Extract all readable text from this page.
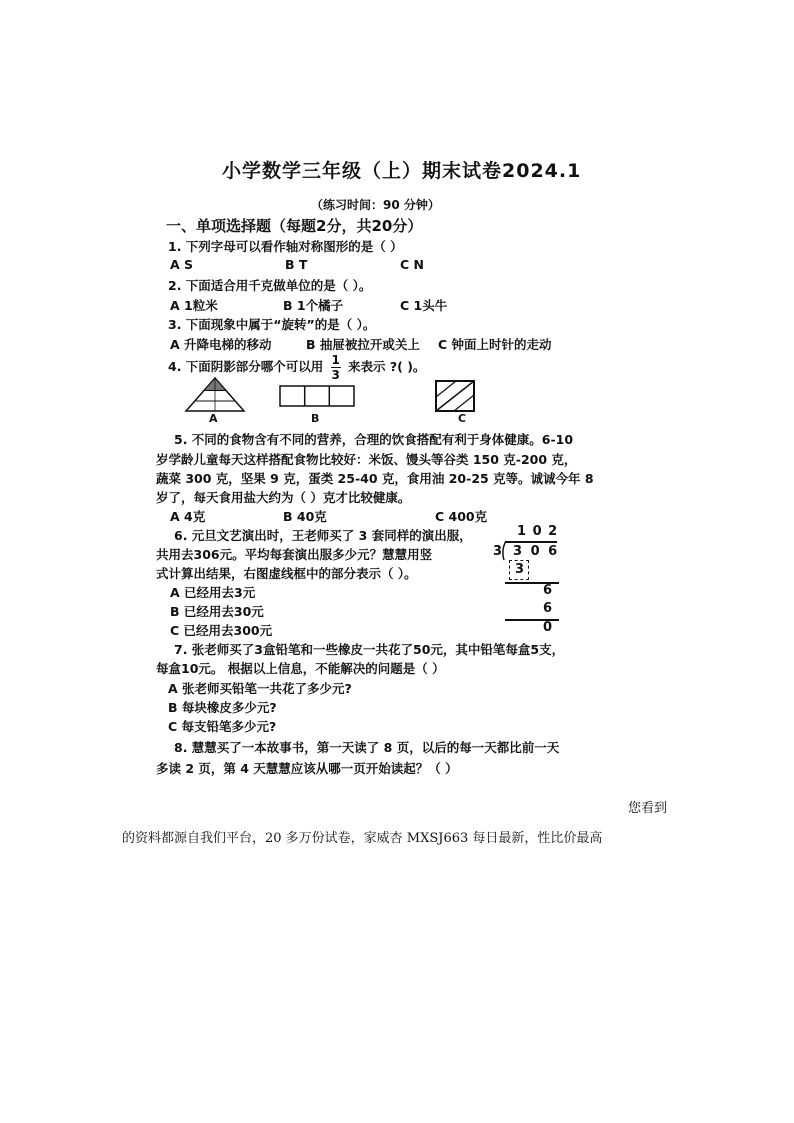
小学数学三年级（上）期末试卷2024.1
（练习时间：90 分钟）
一、单项选择题（每题2分，共20分）
1. 下列字母可以看作轴对称图形的是（ ）
A S	B T	C N
2. 下面适合用千克做单位的是（ ）。
A 1粒米	B 1个橘子	C 1头牛
3. 下面现象中属于“旋转”的是（ ）。
A 升降电梯的移动	B 抽屉被拉开或关上 C 钟面上时针的走动
4. 下面阴影部分哪个可以用 $\frac{1}{3}$ 来表示 ?( )。
A	B	C
5. 不同的食物含有不同的营养，合理的饮食搭配有利于身体健康。6-10
岁学龄儿童每天这样搭配食物比较好：米饭、馒头等谷类 150 克-200 克，
蔬菜 300 克，坚果 9 克，蛋类 25-40 克，食用油 20-25 克等。诚诚今年 8
岁了，每天食用盐大约为（ ）克才比较健康。
A 4克	B 40克	C 400克
6. 元旦文艺演出时，王老师买了 3 套同样的演出服，
共用去306元。平均每套演出服多少元？慧慧用竖
式计算出结果，右图虚线框中的部分表示（ ）。
A 已经用去3元
B 已经用去30元
C 已经用去300元
1 0 2
3 3 0 6
3
6
6
0
7. 张老师买了3盒铅笔和一些橡皮一共花了50元，其中铅笔每盒5支，
每盒10元。 根据以上信息，不能解决的问题是（ ）
A 张老师买铅笔一共花了多少元?
B 每块橡皮多少元?
C 每支铅笔多少元?
8. 慧慧买了一本故事书，第一天读了 8 页，以后的每一天都比前一天
多读 2 页，第 4 天慧慧应该从哪一页开始读起？（ ）
您看到
的资料都源自我们平台，20 多万份试卷，家威杏 MXSJ663 每日最新，性比价最高
